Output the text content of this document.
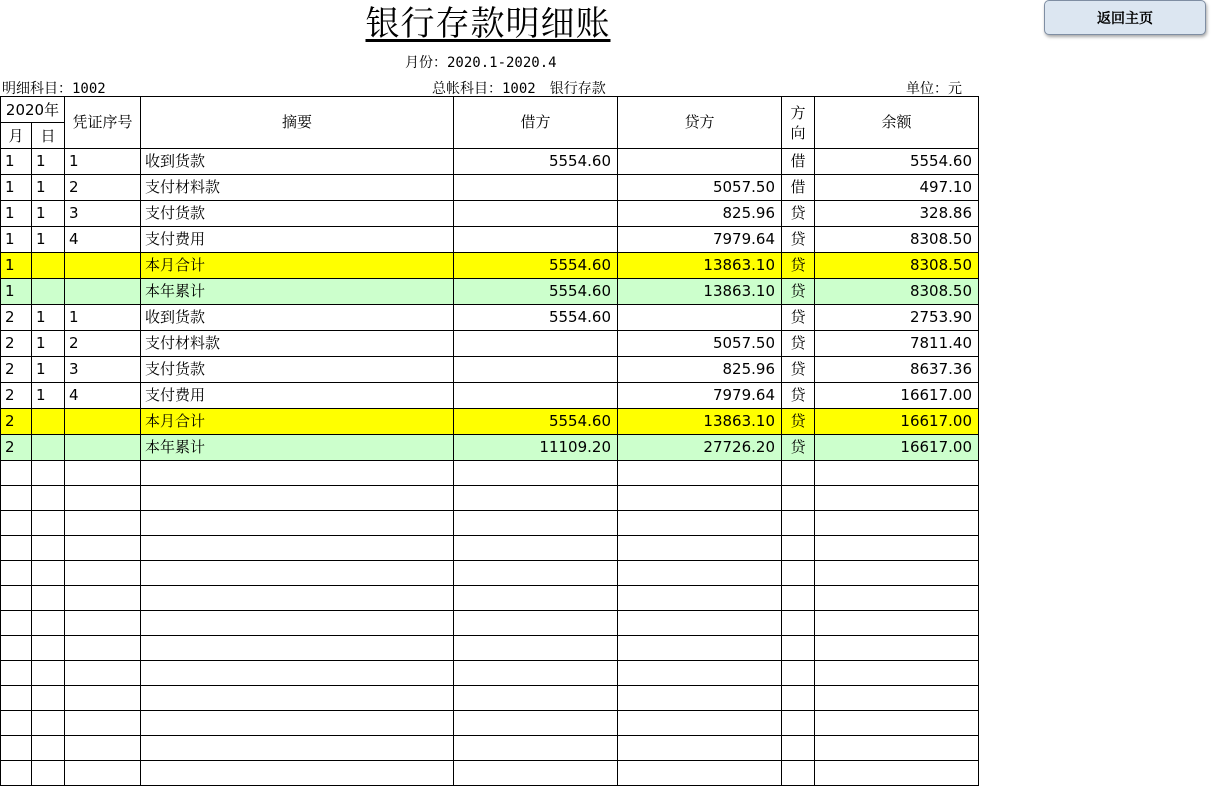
银行存款明细账
月份：2020.1-2020.4
明细科目：1002	总帐科目：1002　银行存款	单位：元
返回主页
2020年		凭证序号	摘要	借方	贷方	方向	余额
月	日						
1	1	1	收到货款	5554.60		借	5554.60
1	1	2	支付材料款		5057.50	借	497.10
1	1	3	支付货款		825.96	贷	328.86
1	1	4	支付费用		7979.64	贷	8308.50
1			本月合计	5554.60	13863.10	贷	8308.50
1			本年累计	5554.60	13863.10	贷	8308.50
2	1	1	收到货款	5554.60		贷	2753.90
2	1	2	支付材料款		5057.50	贷	7811.40
2	1	3	支付货款		825.96	贷	8637.36
2	1	4	支付费用		7979.64	贷	16617.00
2			本月合计	5554.60	13863.10	贷	16617.00
2			本年累计	11109.20	27726.20	贷	16617.00
